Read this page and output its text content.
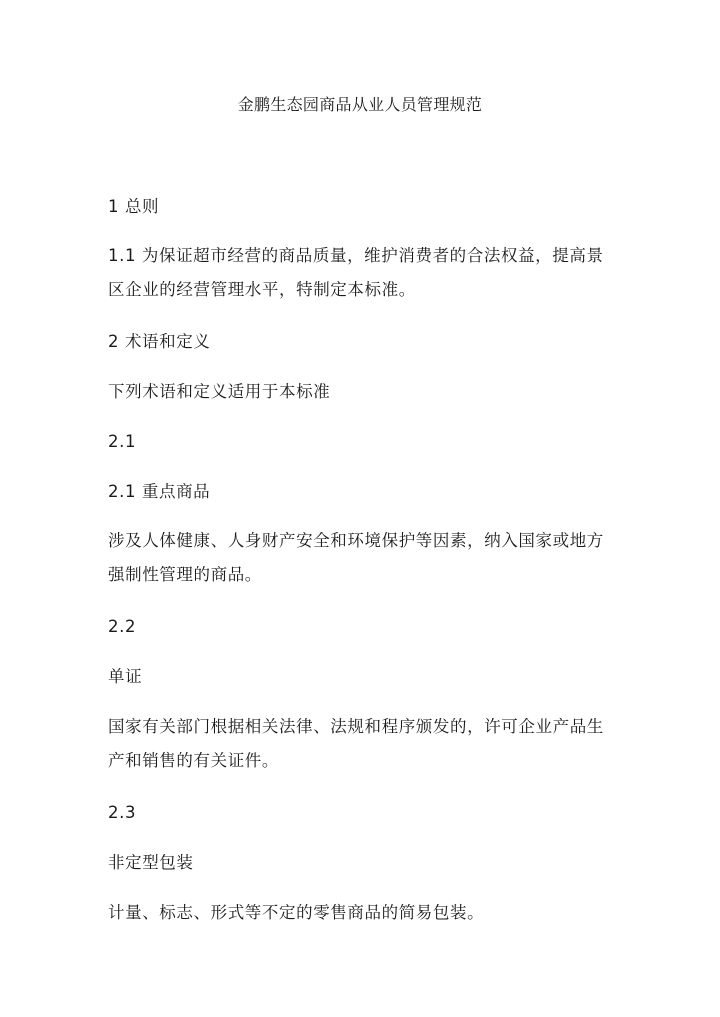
金鹏生态园商品从业人员管理规范
1 总则
1.1 为保证超市经营的商品质量，维护消费者的合法权益，提高景区企业的经营管理水平，特制定本标准。
2 术语和定义
下列术语和定义适用于本标准
2.1
2.1 重点商品
涉及人体健康、人身财产安全和环境保护等因素，纳入国家或地方强制性管理的商品。
2.2
单证
国家有关部门根据相关法律、法规和程序颁发的，许可企业产品生产和销售的有关证件。
2.3
非定型包装
计量、标志、形式等不定的零售商品的简易包装。
